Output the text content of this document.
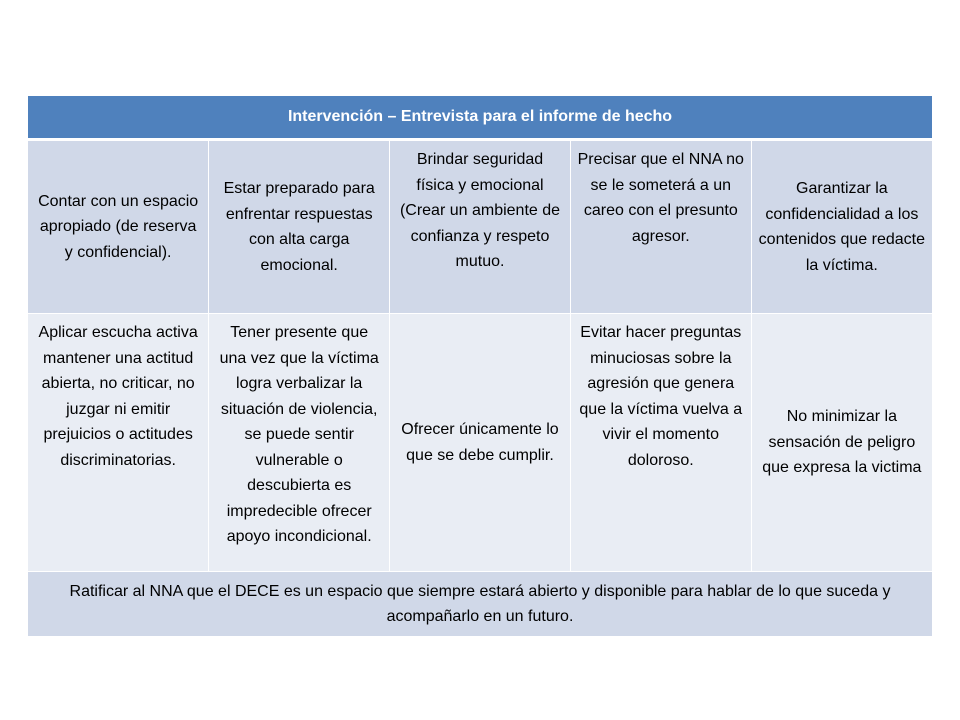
Intervención – Entrevista para el informe de hecho				
Contar con un espacio apropiado (de reserva y confidencial).	Estar preparado para enfrentar respuestas con alta carga emocional.	Brindar seguridad física y emocional (Crear un ambiente de confianza y respeto mutuo.	Precisar que el NNA no se le someterá a un careo con el presunto agresor.	Garantizar la confidencialidad a los contenidos que redacte la víctima.
Aplicar escucha activa mantener una actitud abierta, no criticar, no juzgar ni emitir prejuicios o actitudes discriminatorias.	Tener presente que una vez que la víctima logra verbalizar la situación de violencia, se puede sentir vulnerable o descubierta es impredecible ofrecer apoyo incondicional.	Ofrecer únicamente lo que se debe cumplir.	Evitar hacer preguntas minuciosas sobre la agresión que genera que la víctima vuelva a vivir el momento doloroso.	No minimizar la sensación de peligro que expresa la victima
Ratificar al NNA que el DECE es un espacio que siempre estará abierto y disponible para hablar de lo que suceda y acompañarlo en un futuro.				
